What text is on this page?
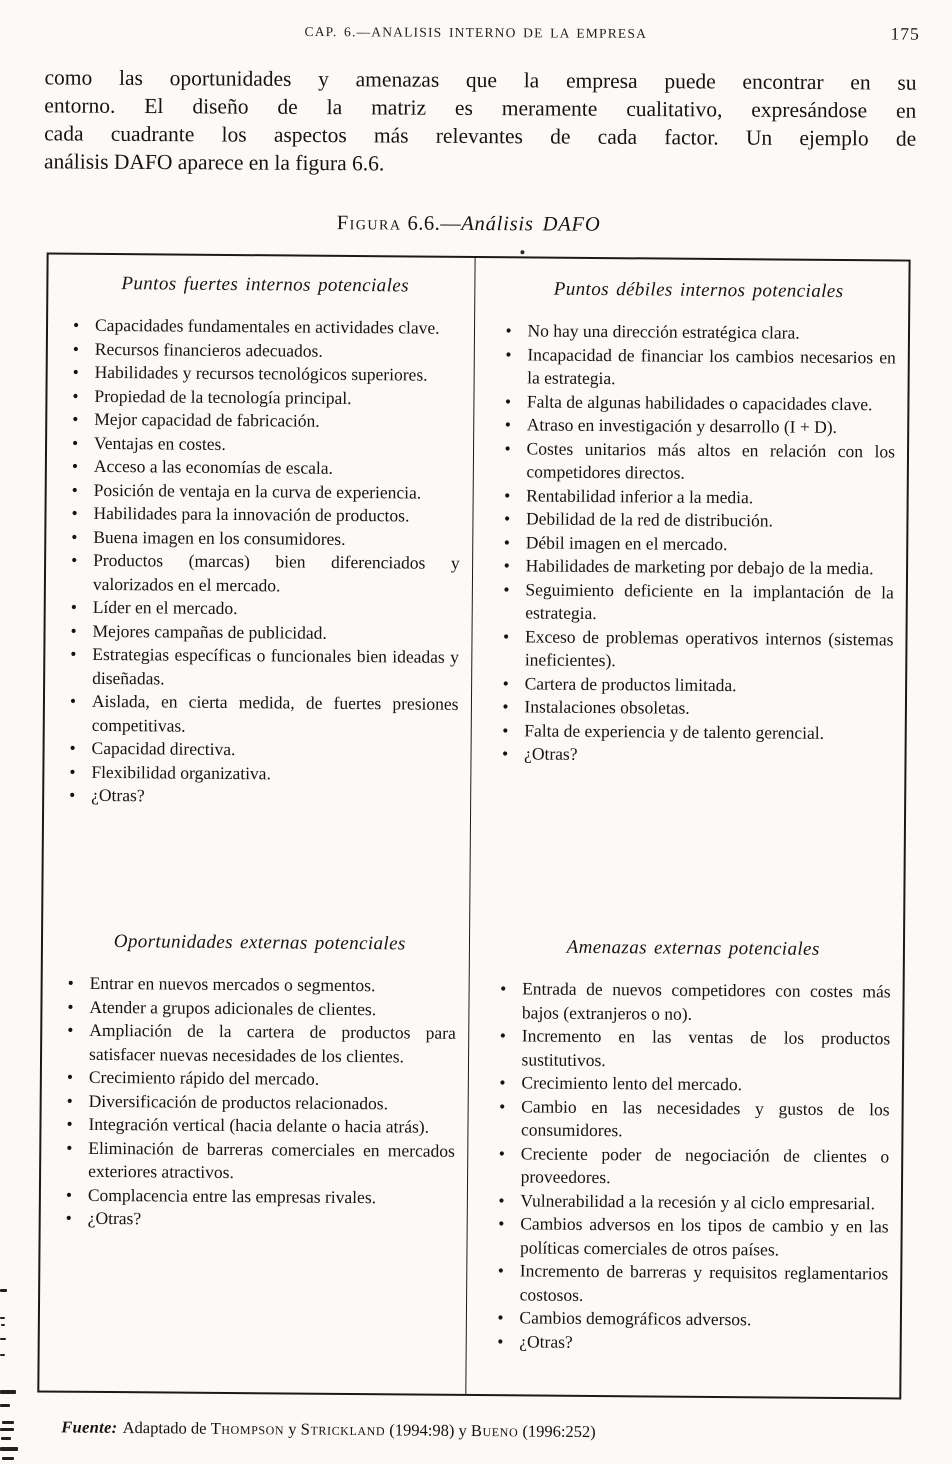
CAP. 6.—ANALISIS INTERNO DE LA EMPRESA	175
como las oportunidades y amenazas que la empresa puede encontrar en su
entorno. El diseño de la matriz es meramente cualitativo, expresándose en
cada cuadrante los aspectos más relevantes de cada factor. Un ejemplo de
análisis DAFO aparece en la figura 6.6.
Figura 6.6.—Análisis DAFO
Puntos fuertes internos potenciales
• Capacidades fundamentales en actividades clave.
• Recursos financieros adecuados.
• Habilidades y recursos tecnológicos superiores.
• Propiedad de la tecnología principal.
• Mejor capacidad de fabricación.
• Ventajas en costes.
• Acceso a las economías de escala.
• Posición de ventaja en la curva de experiencia.
• Habilidades para la innovación de productos.
• Buena imagen en los consumidores.
• Productos (marcas) bien diferenciados y valorizados en el mercado.
• Líder en el mercado.
• Mejores campañas de publicidad.
• Estrategias específicas o funcionales bien ideadas y diseñadas.
• Aislada, en cierta medida, de fuertes presiones competitivas.
• Capacidad directiva.
• Flexibilidad organizativa.
• ¿Otras?
Oportunidades externas potenciales
• Entrar en nuevos mercados o segmentos.
• Atender a grupos adicionales de clientes.
• Ampliación de la cartera de productos para satisfacer nuevas necesidades de los clientes.
• Crecimiento rápido del mercado.
• Diversificación de productos relacionados.
• Integración vertical (hacia delante o hacia atrás).
• Eliminación de barreras comerciales en mercados exteriores atractivos.
• Complacencia entre las empresas rivales.
• ¿Otras?
Puntos débiles internos potenciales
• No hay una dirección estratégica clara.
• Incapacidad de financiar los cambios necesarios en la estrategia.
• Falta de algunas habilidades o capacidades clave.
• Atraso en investigación y desarrollo (I + D).
• Costes unitarios más altos en relación con los competidores directos.
• Rentabilidad inferior a la media.
• Debilidad de la red de distribución.
• Débil imagen en el mercado.
• Habilidades de marketing por debajo de la media.
• Seguimiento deficiente en la implantación de la estrategia.
• Exceso de problemas operativos internos (sistemas ineficientes).
• Cartera de productos limitada.
• Instalaciones obsoletas.
• Falta de experiencia y de talento gerencial.
• ¿Otras?
Amenazas externas potenciales
• Entrada de nuevos competidores con costes más bajos (extranjeros o no).
• Incremento en las ventas de los productos sustitutivos.
• Crecimiento lento del mercado.
• Cambio en las necesidades y gustos de los consumidores.
• Creciente poder de negociación de clientes o proveedores.
• Vulnerabilidad a la recesión y al ciclo empresarial.
• Cambios adversos en los tipos de cambio y en las políticas comerciales de otros países.
• Incremento de barreras y requisitos reglamentarios costosos.
• Cambios demográficos adversos.
• ¿Otras?

Fuente: Adaptado de Thompson y Strickland (1994:98) y Bueno (1996:252)
